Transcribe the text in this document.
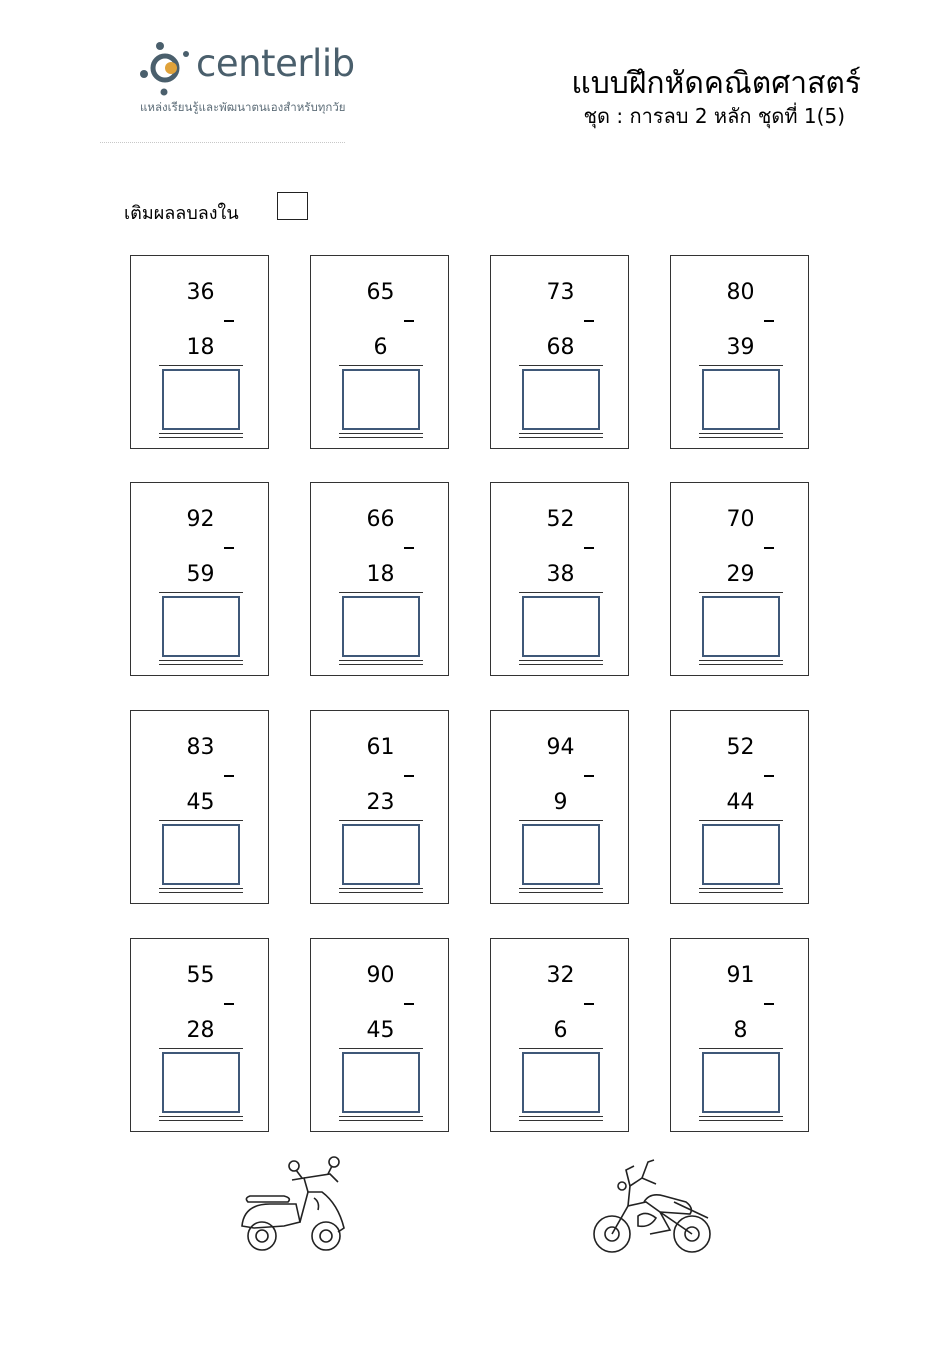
centerlib
แหล่งเรียนรู้และพัฒนาตนเองสำหรับทุกวัย
แบบฝึกหัดคณิตศาสตร์
ชุด : การลบ 2 หลัก ชุดที่ 1(5)
เติมผลลบลงใน
36
18
65
6
73
68
80
39
92
59
66
18
52
38
70
29
83
45
61
23
94
9
52
44
55
28
90
45
32
6
91
8
